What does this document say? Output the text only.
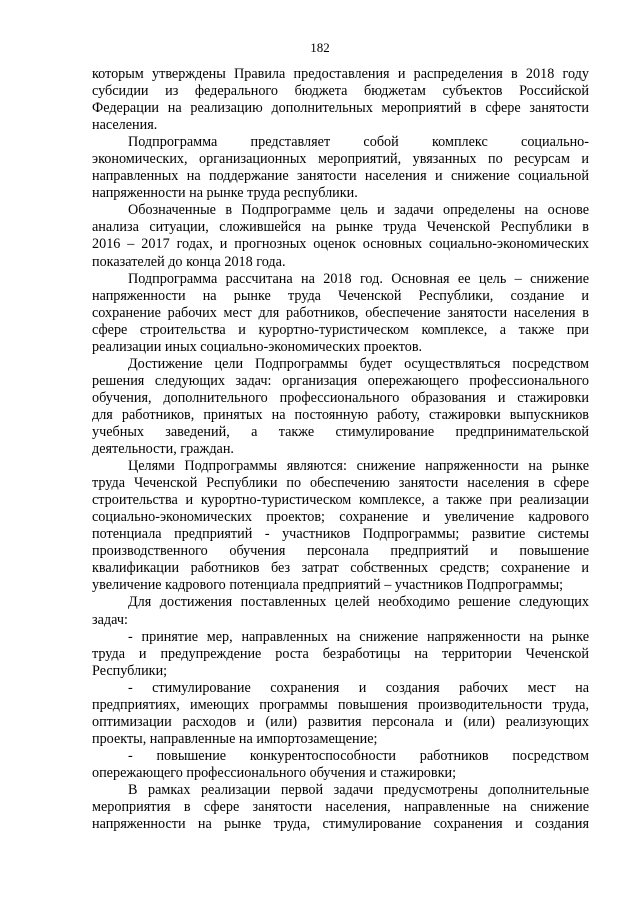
182
которым утверждены Правила предоставления и распределения в 2018 году
субсидии из федерального бюджета бюджетам субъектов Российской
Федерации на реализацию дополнительных мероприятий в сфере занятости
населения.
Подпрограмма представляет собой комплекс социально-
экономических, организационных мероприятий, увязанных по ресурсам и
направленных на поддержание занятости населения и снижение социальной
напряженности на рынке труда республики.
Обозначенные в Подпрограмме цель и задачи определены на основе
анализа ситуации, сложившейся на рынке труда Чеченской Республики в
2016 – 2017 годах, и прогнозных оценок основных социально-экономических
показателей до конца 2018 года.
Подпрограмма рассчитана на 2018 год. Основная ее цель – снижение
напряженности на рынке труда Чеченской Республики, создание и
сохранение рабочих мест для работников, обеспечение занятости населения в
сфере строительства и курортно-туристическом комплексе, а также при
реализации иных социально-экономических проектов.
Достижение цели Подпрограммы будет осуществляться посредством
решения следующих задач: организация опережающего профессионального
обучения, дополнительного профессионального образования и стажировки
для работников, принятых на постоянную работу, стажировки выпускников
учебных заведений, а также стимулирование предпринимательской
деятельности, граждан.
Целями Подпрограммы являются: снижение напряженности на рынке
труда Чеченской Республики по обеспечению занятости населения в сфере
строительства и курортно-туристическом комплексе, а также при реализации
социально-экономических проектов; сохранение и увеличение кадрового
потенциала предприятий - участников Подпрограммы; развитие системы
производственного обучения персонала предприятий и повышение
квалификации работников без затрат собственных средств; сохранение и
увеличение кадрового потенциала предприятий – участников Подпрограммы;
Для достижения поставленных целей необходимо решение следующих
задач:
- принятие мер, направленных на снижение напряженности на рынке
труда и предупреждение роста безработицы на территории Чеченской
Республики;
- стимулирование сохранения и создания рабочих мест на
предприятиях, имеющих программы повышения производительности труда,
оптимизации расходов и (или) развития персонала и (или) реализующих
проекты, направленные на импортозамещение;
- повышение конкурентоспособности работников посредством
опережающего профессионального обучения и стажировки;
В рамках реализации первой задачи предусмотрены дополнительные
мероприятия в сфере занятости населения, направленные на снижение
напряженности на рынке труда, стимулирование сохранения и создания
